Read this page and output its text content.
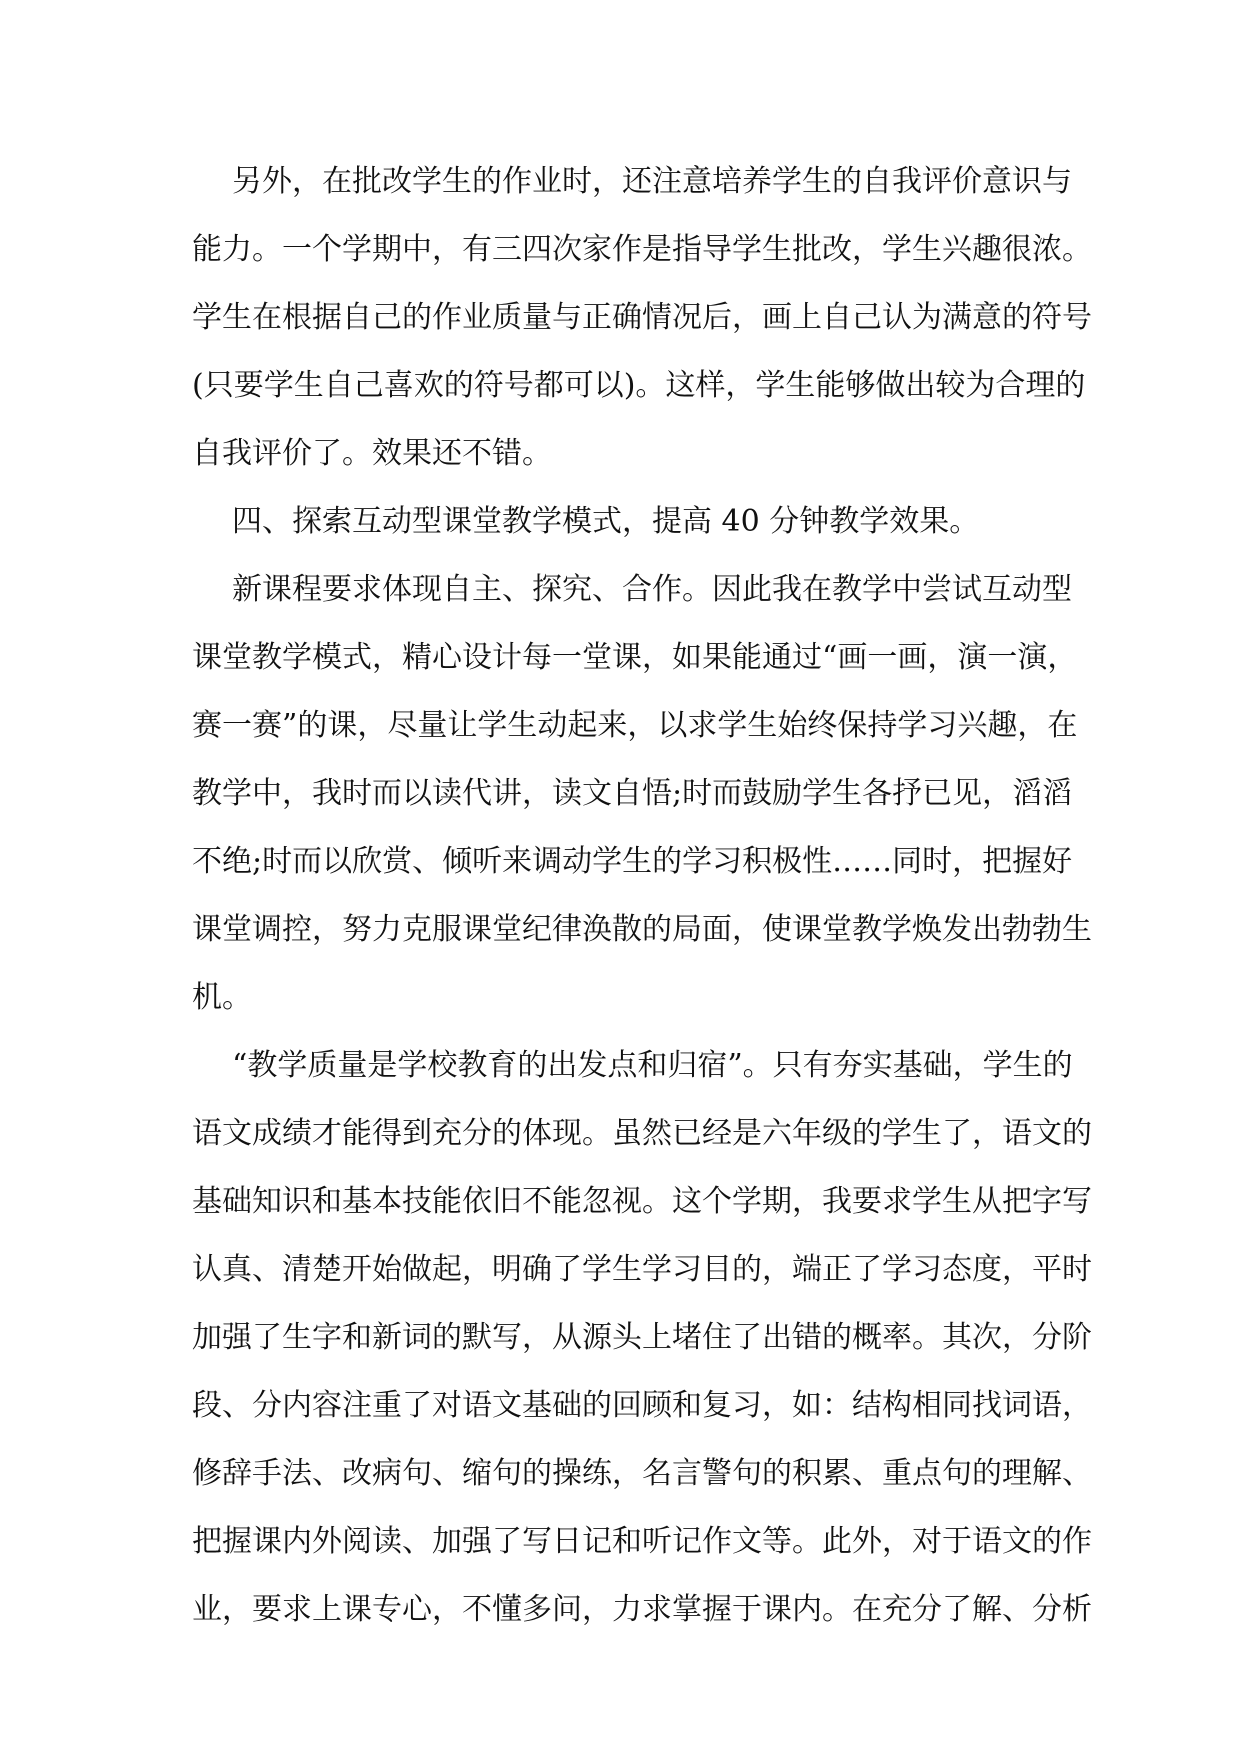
另外，在批改学生的作业时，还注意培养学生的自我评价意识与
能力。一个学期中，有三四次家作是指导学生批改，学生兴趣很浓。
学生在根据自己的作业质量与正确情况后，画上自己认为满意的符号
(只要学生自己喜欢的符号都可以)。这样，学生能够做出较为合理的
自我评价了。效果还不错。
四、探索互动型课堂教学模式，提高 40 分钟教学效果。
新课程要求体现自主、探究、合作。因此我在教学中尝试互动型
课堂教学模式，精心设计每一堂课，如果能通过“画一画，演一演，
赛一赛”的课，尽量让学生动起来，以求学生始终保持学习兴趣，在
教学中，我时而以读代讲，读文自悟;时而鼓励学生各抒已见，滔滔
不绝;时而以欣赏、倾听来调动学生的学习积极性……同时，把握好
课堂调控，努力克服课堂纪律涣散的局面，使课堂教学焕发出勃勃生
机。
“教学质量是学校教育的出发点和归宿”。只有夯实基础，学生的
语文成绩才能得到充分的体现。虽然已经是六年级的学生了，语文的
基础知识和基本技能依旧不能忽视。这个学期，我要求学生从把字写
认真、清楚开始做起，明确了学生学习目的，端正了学习态度，平时
加强了生字和新词的默写，从源头上堵住了出错的概率。其次，分阶
段、分内容注重了对语文基础的回顾和复习，如：结构相同找词语，
修辞手法、改病句、缩句的操练，名言警句的积累、重点句的理解、
把握课内外阅读、加强了写日记和听记作文等。此外，对于语文的作
业，要求上课专心，不懂多问，力求掌握于课内。在充分了解、分析
